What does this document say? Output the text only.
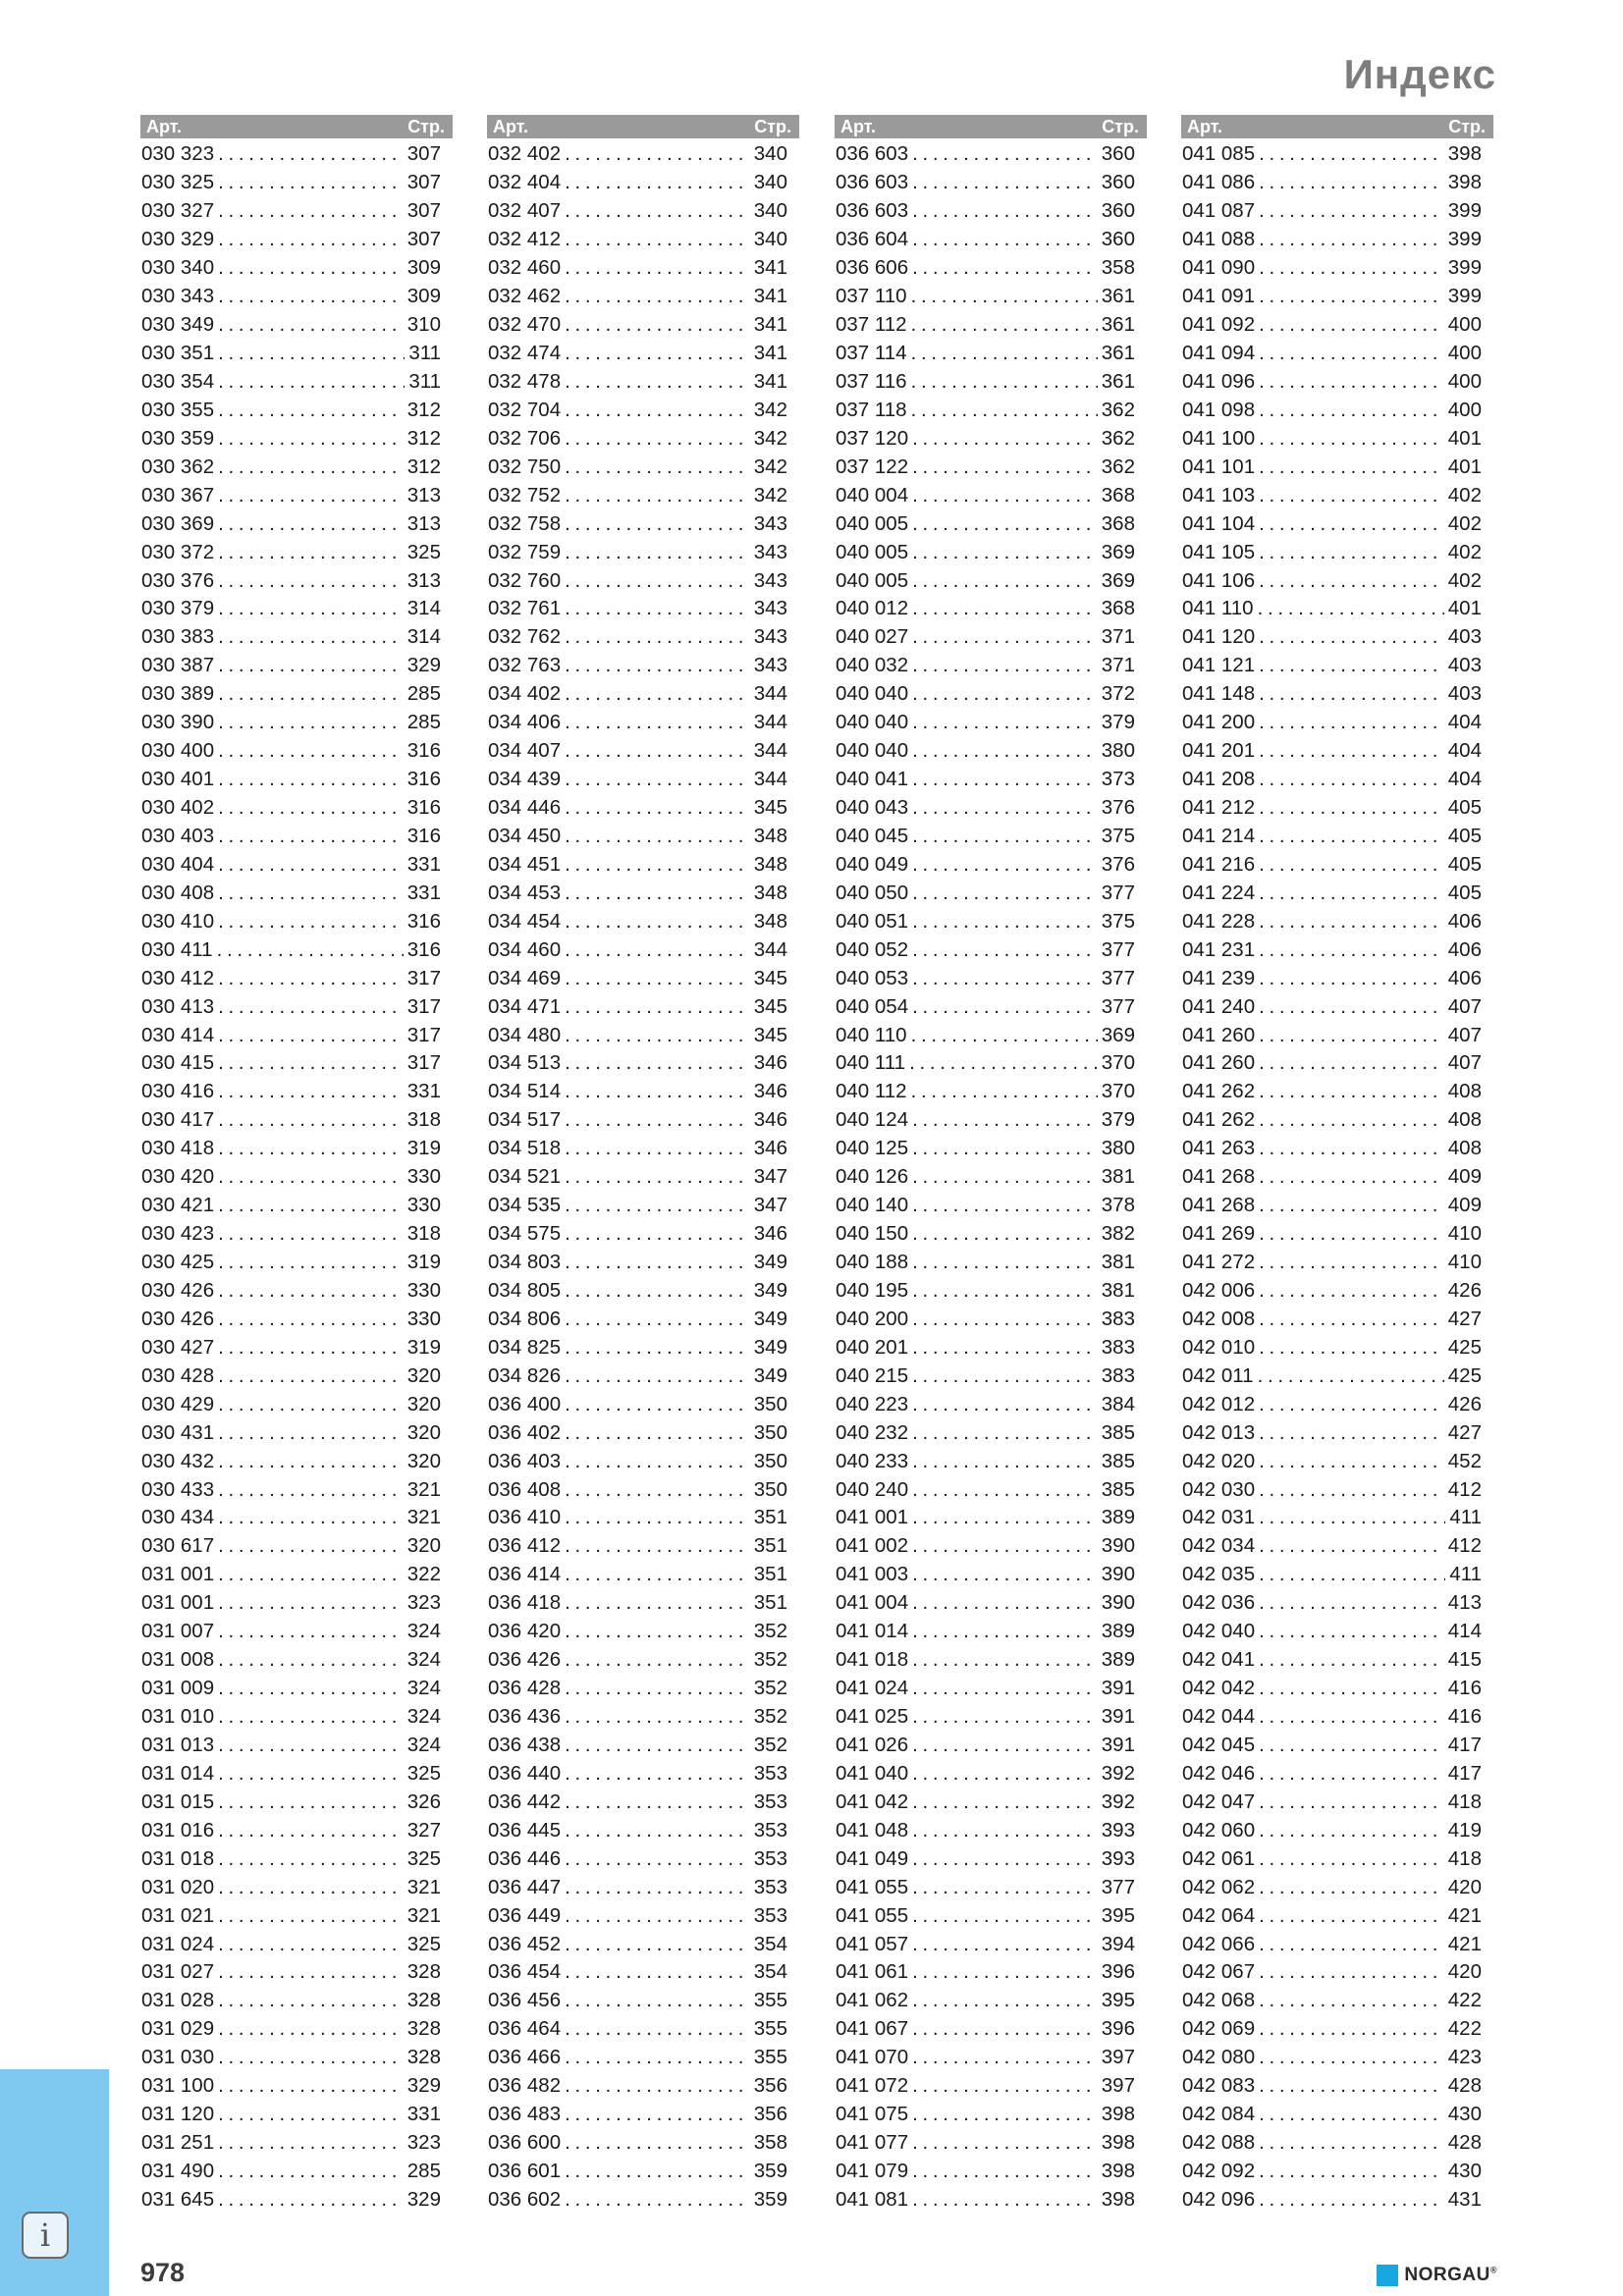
Индекс
Арт.	Стр.
030 323 . . .	307
030 325 . . .	307
030 327 . . .	307
030 329 . . .	307
030 340 . . .	309
030 343 . . .	309
030 349 . . .	310
030 351 . . .	311
030 354 . . .	311
030 355 . . .	312
030 359 . . .	312
030 362 . . .	312
030 367 . . .	313
030 369 . . .	313
030 372 . . .	325
030 376 . . .	313
030 379 . . .	314
030 383 . . .	314
030 387 . . .	329
030 389 . . .	285
030 390 . . .	285
030 400 . . .	316
030 401 . . .	316
030 402 . . .	316
030 403 . . .	316
030 404 . . .	331
030 408 . . .	331
030 410 . . .	316
030 411 . . .	316
030 412 . . .	317
030 413 . . .	317
030 414 . . .	317
030 415 . . .	317
030 416 . . .	331
030 417 . . .	318
030 418 . . .	319
030 420 . . .	330
030 421 . . .	330
030 423 . . .	318
030 425 . . .	319
030 426 . . .	330
030 426 . . .	330
030 427 . . .	319
030 428 . . .	320
030 429 . . .	320
030 431 . . .	320
030 432 . . .	320
030 433 . . .	321
030 434 . . .	321
030 617 . . .	320
031 001 . . .	322
031 001 . . .	323
031 007 . . .	324
031 008 . . .	324
031 009 . . .	324
031 010 . . .	324
031 013 . . .	324
031 014 . . .	325
031 015 . . .	326
031 016 . . .	327
031 018 . . .	325
031 020 . . .	321
031 021 . . .	321
031 024 . . .	325
031 027 . . .	328
031 028 . . .	328
031 029 . . .	328
031 030 . . .	328
031 100 . . .	329
031 120 . . .	331
031 251 . . .	323
031 490 . . .	285
031 645 . . .	329
Арт.	Стр.
032 402 . . .	340
032 404 . . .	340
032 407 . . .	340
032 412 . . .	340
032 460 . . .	341
032 462 . . .	341
032 470 . . .	341
032 474 . . .	341
032 478 . . .	341
032 704 . . .	342
032 706 . . .	342
032 750 . . .	342
032 752 . . .	342
032 758 . . .	343
032 759 . . .	343
032 760 . . .	343
032 761 . . .	343
032 762 . . .	343
032 763 . . .	343
034 402 . . .	344
034 406 . . .	344
034 407 . . .	344
034 439 . . .	344
034 446 . . .	345
034 450 . . .	348
034 451 . . .	348
034 453 . . .	348
034 454 . . .	348
034 460 . . .	344
034 469 . . .	345
034 471 . . .	345
034 480 . . .	345
034 513 . . .	346
034 514 . . .	346
034 517 . . .	346
034 518 . . .	346
034 521 . . .	347
034 535 . . .	347
034 575 . . .	346
034 803 . . .	349
034 805 . . .	349
034 806 . . .	349
034 825 . . .	349
034 826 . . .	349
036 400 . . .	350
036 402 . . .	350
036 403 . . .	350
036 408 . . .	350
036 410 . . .	351
036 412 . . .	351
036 414 . . .	351
036 418 . . .	351
036 420 . . .	352
036 426 . . .	352
036 428 . . .	352
036 436 . . .	352
036 438 . . .	352
036 440 . . .	353
036 442 . . .	353
036 445 . . .	353
036 446 . . .	353
036 447 . . .	353
036 449 . . .	353
036 452 . . .	354
036 454 . . .	354
036 456 . . .	355
036 464 . . .	355
036 466 . . .	355
036 482 . . .	356
036 483 . . .	356
036 600 . . .	358
036 601 . . .	359
036 602 . . .	359
Арт.	Стр.
036 603 . . .	360
036 603 . . .	360
036 603 . . .	360
036 604 . . .	360
036 606 . . .	358
037 110 . . .	361
037 112 . . .	361
037 114 . . .	361
037 116 . . .	361
037 118 . . .	362
037 120 . . .	362
037 122 . . .	362
040 004 . . .	368
040 005 . . .	368
040 005 . . .	369
040 005 . . .	369
040 012 . . .	368
040 027 . . .	371
040 032 . . .	371
040 040 . . .	372
040 040 . . .	379
040 040 . . .	380
040 041 . . .	373
040 043 . . .	376
040 045 . . .	375
040 049 . . .	376
040 050 . . .	377
040 051 . . .	375
040 052 . . .	377
040 053 . . .	377
040 054 . . .	377
040 110 . . .	369
040 111 . . .	370
040 112 . . .	370
040 124 . . .	379
040 125 . . .	380
040 126 . . .	381
040 140 . . .	378
040 150 . . .	382
040 188 . . .	381
040 195 . . .	381
040 200 . . .	383
040 201 . . .	383
040 215 . . .	383
040 223 . . .	384
040 232 . . .	385
040 233 . . .	385
040 240 . . .	385
041 001 . . .	389
041 002 . . .	390
041 003 . . .	390
041 004 . . .	390
041 014 . . .	389
041 018 . . .	389
041 024 . . .	391
041 025 . . .	391
041 026 . . .	391
041 040 . . .	392
041 042 . . .	392
041 048 . . .	393
041 049 . . .	393
041 055 . . .	377
041 055 . . .	395
041 057 . . .	394
041 061 . . .	396
041 062 . . .	395
041 067 . . .	396
041 070 . . .	397
041 072 . . .	397
041 075 . . .	398
041 077 . . .	398
041 079 . . .	398
041 081 . . .	398
Арт.	Стр.
041 085 . . .	398
041 086 . . .	398
041 087 . . .	399
041 088 . . .	399
041 090 . . .	399
041 091 . . .	399
041 092 . . .	400
041 094 . . .	400
041 096 . . .	400
041 098 . . .	400
041 100 . . .	401
041 101 . . .	401
041 103 . . .	402
041 104 . . .	402
041 105 . . .	402
041 106 . . .	402
041 110 . . .	401
041 120 . . .	403
041 121 . . .	403
041 148 . . .	403
041 200 . . .	404
041 201 . . .	404
041 208 . . .	404
041 212 . . .	405
041 214 . . .	405
041 216 . . .	405
041 224 . . .	405
041 228 . . .	406
041 231 . . .	406
041 239 . . .	406
041 240 . . .	407
041 260 . . .	407
041 260 . . .	407
041 262 . . .	408
041 262 . . .	408
041 263 . . .	408
041 268 . . .	409
041 268 . . .	409
041 269 . . .	410
041 272 . . .	410
042 006 . . .	426
042 008 . . .	427
042 010 . . .	425
042 011 . . .	425
042 012 . . .	426
042 013 . . .	427
042 020 . . .	452
042 030 . . .	412
042 031 . . .	411
042 034 . . .	412
042 035 . . .	411
042 036 . . .	413
042 040 . . .	414
042 041 . . .	415
042 042 . . .	416
042 044 . . .	416
042 045 . . .	417
042 046 . . .	417
042 047 . . .	418
042 060 . . .	419
042 061 . . .	418
042 062 . . .	420
042 064 . . .	421
042 066 . . .	421
042 067 . . .	420
042 068 . . .	422
042 069 . . .	422
042 080 . . .	423
042 083 . . .	428
042 084 . . .	430
042 088 . . .	428
042 092 . . .	430
042 096 . . .	431
i
978	NORGAU®
